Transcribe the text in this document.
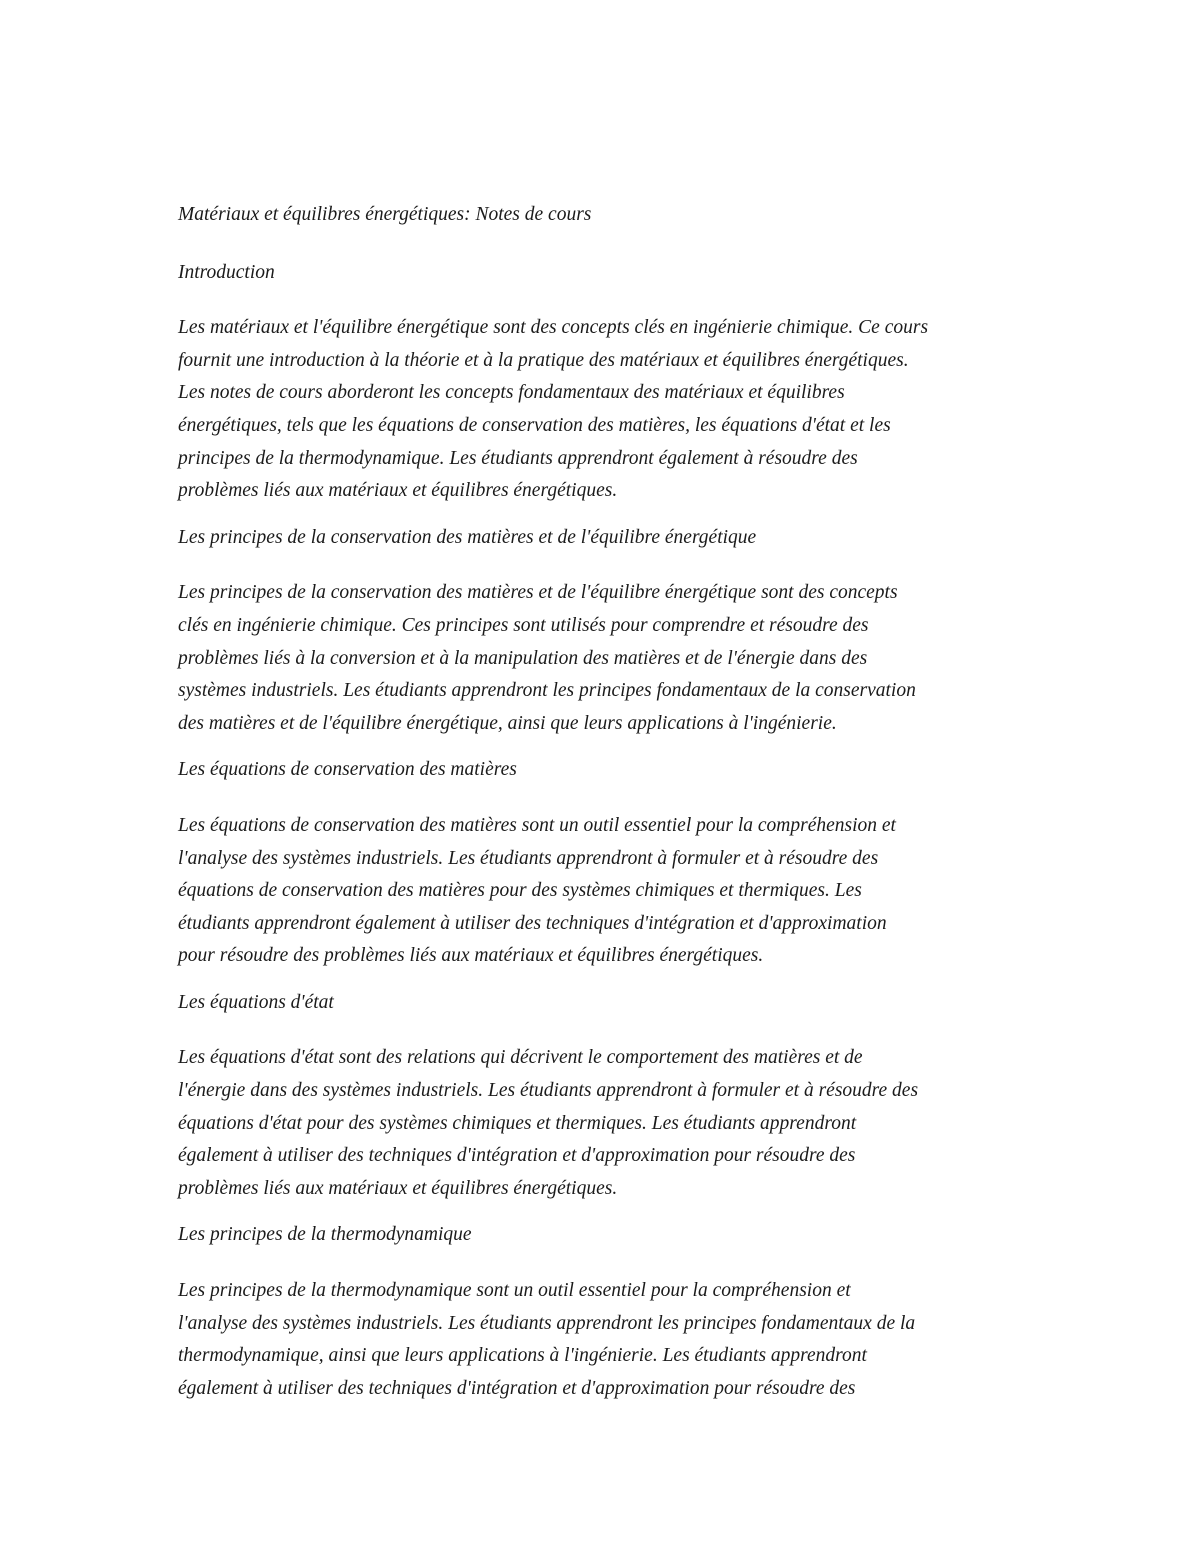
Matériaux et équilibres énergétiques: Notes de cours
Introduction
Les matériaux et l'équilibre énergétique sont des concepts clés en ingénierie chimique. Ce cours
fournit une introduction à la théorie et à la pratique des matériaux et équilibres énergétiques.
Les notes de cours aborderont les concepts fondamentaux des matériaux et équilibres
énergétiques, tels que les équations de conservation des matières, les équations d'état et les
principes de la thermodynamique. Les étudiants apprendront également à résoudre des
problèmes liés aux matériaux et équilibres énergétiques.
Les principes de la conservation des matières et de l'équilibre énergétique
Les principes de la conservation des matières et de l'équilibre énergétique sont des concepts
clés en ingénierie chimique. Ces principes sont utilisés pour comprendre et résoudre des
problèmes liés à la conversion et à la manipulation des matières et de l'énergie dans des
systèmes industriels. Les étudiants apprendront les principes fondamentaux de la conservation
des matières et de l'équilibre énergétique, ainsi que leurs applications à l'ingénierie.
Les équations de conservation des matières
Les équations de conservation des matières sont un outil essentiel pour la compréhension et
l'analyse des systèmes industriels. Les étudiants apprendront à formuler et à résoudre des
équations de conservation des matières pour des systèmes chimiques et thermiques. Les
étudiants apprendront également à utiliser des techniques d'intégration et d'approximation
pour résoudre des problèmes liés aux matériaux et équilibres énergétiques.
Les équations d'état
Les équations d'état sont des relations qui décrivent le comportement des matières et de
l'énergie dans des systèmes industriels. Les étudiants apprendront à formuler et à résoudre des
équations d'état pour des systèmes chimiques et thermiques. Les étudiants apprendront
également à utiliser des techniques d'intégration et d'approximation pour résoudre des
problèmes liés aux matériaux et équilibres énergétiques.
Les principes de la thermodynamique
Les principes de la thermodynamique sont un outil essentiel pour la compréhension et
l'analyse des systèmes industriels. Les étudiants apprendront les principes fondamentaux de la
thermodynamique, ainsi que leurs applications à l'ingénierie. Les étudiants apprendront
également à utiliser des techniques d'intégration et d'approximation pour résoudre des
